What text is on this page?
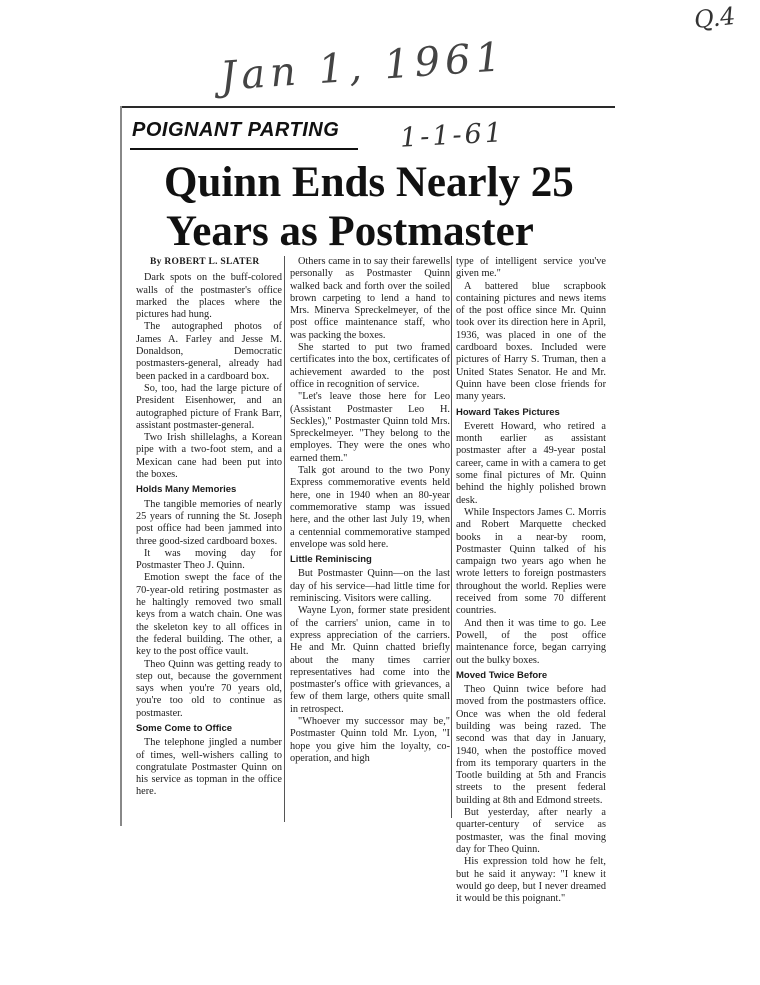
Q.4
Jan 1, 1961
1-1-61
POIGNANT PARTING
Quinn Ends Nearly 25
Years as Postmaster

By ROBERT L. SLATER

Dark spots on the buff-colored walls of the postmaster's office marked the places where the pictures had hung.

The autographed photos of James A. Farley and Jesse M. Donaldson, Democratic postmasters-general, already had been packed in a cardboard box.

So, too, had the large picture of President Eisenhower, and an autographed picture of Frank Barr, assistant postmaster-general.

Two Irish shillelaghs, a Korean pipe with a two-foot stem, and a Mexican cane had been put into the boxes.

Holds Many Memories

The tangible memories of nearly 25 years of running the St. Joseph post office had been jammed into three good-sized cardboard boxes.

It was moving day for Postmaster Theo J. Quinn.

Emotion swept the face of the 70-year-old retiring postmaster as he haltingly removed two small keys from a watch chain. One was the skeleton key to all offices in the federal building. The other, a key to the post office vault.

Theo Quinn was getting ready to step out, because the government says when you're 70 years old, you're too old to continue as postmaster.

Some Come to Office

The telephone jingled a number of times, well-wishers calling to congratulate Postmaster Quinn on his service as topman in the office here.

Others came in to say their farewells personally as Postmaster Quinn walked back and forth over the soiled brown carpeting to lend a hand to Mrs. Minerva Spreckelmeyer, of the post office maintenance staff, who was packing the boxes.

She started to put two framed certificates into the box, certificates of achievement awarded to the post office in recognition of service.

"Let's leave those here for Leo (Assistant Postmaster Leo H. Seckles)," Postmaster Quinn told Mrs. Spreckelmeyer. "They belong to the employes. They were the ones who earned them."

Talk got around to the two Pony Express commemorative events held here, one in 1940 when an 80-year commemorative stamp was issued here, and the other last July 19, when a centennial commemorative stamped envelope was sold here.

Little Reminiscing

But Postmaster Quinn—on the last day of his service—had little time for reminiscing. Visitors were calling.

Wayne Lyon, former state president of the carriers' union, came in to express appreciation of the carriers. He and Mr. Quinn chatted briefly about the many times carrier representatives had come into the postmaster's office with grievances, a few of them large, others quite small in retrospect.

"Whoever my successor may be," Postmaster Quinn told Mr. Lyon, "I hope you give him the loyalty, co-operation, and high

type of intelligent service you've given me."

A battered blue scrapbook containing pictures and news items of the post office since Mr. Quinn took over its direction here in April, 1936, was placed in one of the cardboard boxes. Included were pictures of Harry S. Truman, then a United States Senator. He and Mr. Quinn have been close friends for many years.

Howard Takes Pictures

Everett Howard, who retired a month earlier as assistant postmaster after a 49-year postal career, came in with a camera to get some final pictures of Mr. Quinn behind the highly polished brown desk.

While Inspectors James C. Morris and Robert Marquette checked books in a near-by room, Postmaster Quinn talked of his campaign two years ago when he wrote letters to foreign postmasters throughout the world. Replies were received from some 70 different countries.

And then it was time to go. Lee Powell, of the post office maintenance force, began carrying out the bulky boxes.

Moved Twice Before

Theo Quinn twice before had moved from the postmasters office. Once was when the old federal building was being razed. The second was that day in January, 1940, when the postoffice moved from its temporary quarters in the Tootle building at 5th and Francis streets to the present federal building at 8th and Edmond streets.

But yesterday, after nearly a quarter-century of service as postmaster, was the final moving day for Theo Quinn.

His expression told how he felt, but he said it anyway: "I knew it would go deep, but I never dreamed it would be this poignant."
